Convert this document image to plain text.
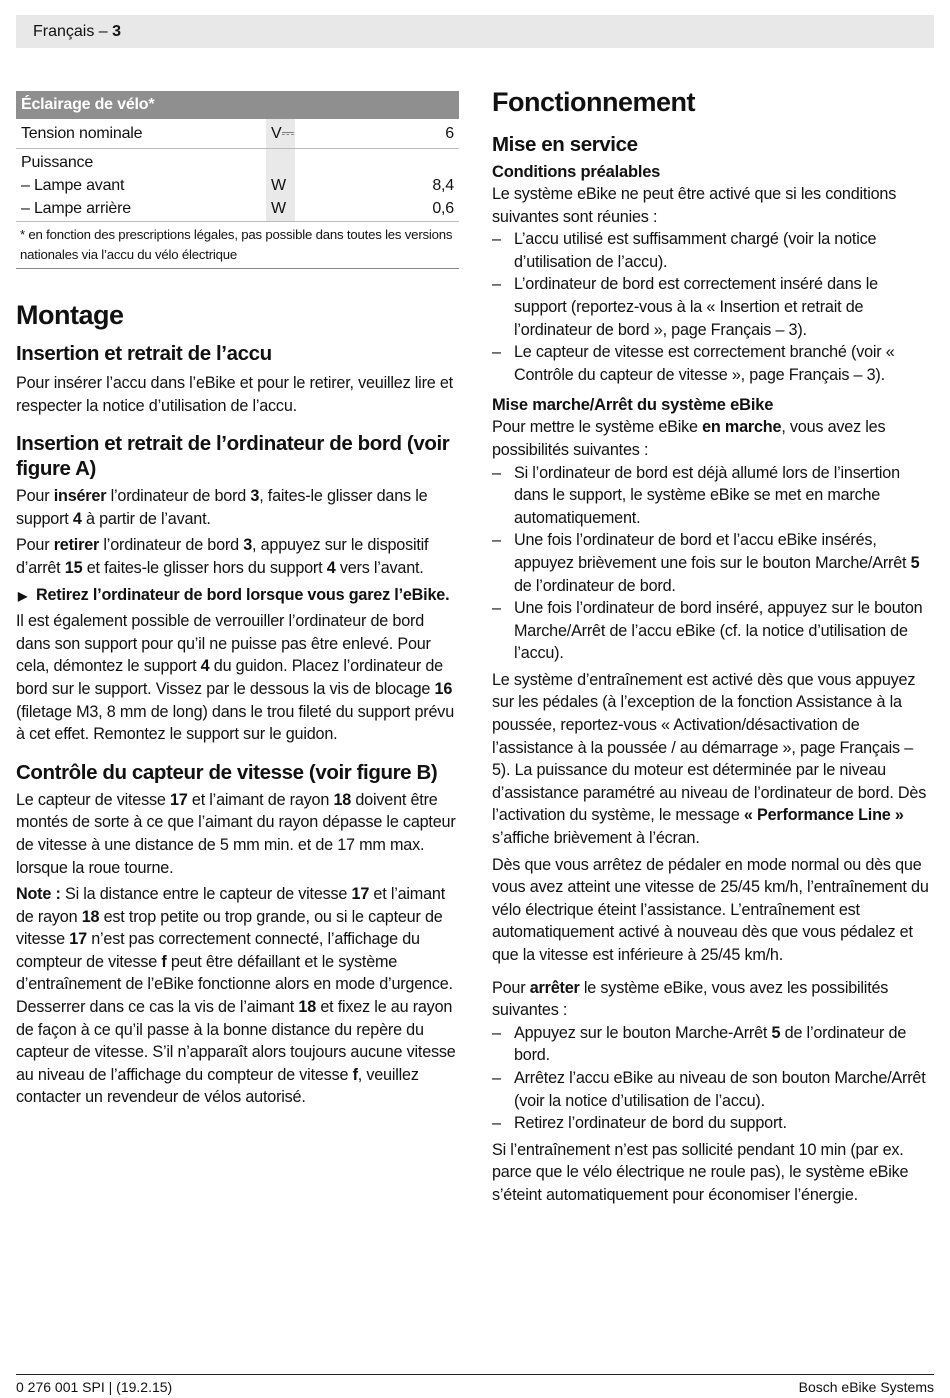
Français – 3
Éclairage de vélo*
Tension nominale	V⎓	6
Puissance
– Lampe avant	W	8,4
– Lampe arrière	W	0,6
* en fonction des prescriptions légales, pas possible dans toutes les versions nationales via l’accu du vélo électrique
Montage
Insertion et retrait de l’accu

Pour insérer l’accu dans l’eBike et pour le retirer, veuillez lire et respecter la notice d’utilisation de l’accu.

Insertion et retrait de l’ordinateur de bord (voir figure A)

Pour insérer l’ordinateur de bord 3, faites-le glisser dans le support 4 à partir de l’avant.

Pour retirer l’ordinateur de bord 3, appuyez sur le dispositif d’arrêt 15 et faites-le glisser hors du support 4 vers l’avant.

▶ Retirez l’ordinateur de bord lorsque vous garez l’eBike.

Il est également possible de verrouiller l’ordinateur de bord dans son support pour qu’il ne puisse pas être enlevé. Pour cela, démontez le support 4 du guidon. Placez l’ordinateur de bord sur le support. Vissez par le dessous la vis de blocage 16 (filetage M3, 8 mm de long) dans le trou fileté du support prévu à cet effet. Remontez le support sur le guidon.

Contrôle du capteur de vitesse (voir figure B)

Le capteur de vitesse 17 et l’aimant de rayon 18 doivent être montés de sorte à ce que l’aimant du rayon dépasse le capteur de vitesse à une distance de 5 mm min. et de 17 mm max. lorsque la roue tourne.

Note : Si la distance entre le capteur de vitesse 17 et l’aimant de rayon 18 est trop petite ou trop grande, ou si le capteur de vitesse 17 n’est pas correctement connecté, l’affichage du compteur de vitesse f peut être défaillant et le système d’entraînement de l’eBike fonctionne alors en mode d’urgence. Desserrer dans ce cas la vis de l’aimant 18 et fixez le au rayon de façon à ce qu’il passe à la bonne distance du repère du capteur de vitesse. S’il n’apparaît alors toujours aucune vitesse au niveau de l’affichage du compteur de vitesse f, veuillez contacter un revendeur de vélos autorisé.

Fonctionnement
Mise en service
Conditions préalables

Le système eBike ne peut être activé que si les conditions suivantes sont réunies :

– L’accu utilisé est suffisamment chargé (voir la notice d’utilisation de l’accu).
– L’ordinateur de bord est correctement inséré dans le support (reportez-vous à la « Insertion et retrait de l’ordinateur de bord », page Français – 3).
– Le capteur de vitesse est correctement branché (voir « Contrôle du capteur de vitesse », page Français – 3).
Mise marche/Arrêt du système eBike

Pour mettre le système eBike en marche, vous avez les possibilités suivantes :

– Si l’ordinateur de bord est déjà allumé lors de l’insertion dans le support, le système eBike se met en marche automatiquement.
– Une fois l’ordinateur de bord et l’accu eBike insérés, appuyez brièvement une fois sur le bouton Marche/Arrêt 5 de l’ordinateur de bord.
– Une fois l’ordinateur de bord inséré, appuyez sur le bouton Marche/Arrêt de l’accu eBike (cf. la notice d’utilisation de l’accu).

Le système d’entraînement est activé dès que vous appuyez sur les pédales (à l’exception de la fonction Assistance à la poussée, reportez-vous « Activation/désactivation de l’assistance à la poussée / au démarrage », page Français – 5). La puissance du moteur est déterminée par le niveau d’assistance paramétré au niveau de l’ordinateur de bord. Dès l’activation du système, le message « Performance Line » s’affiche brièvement à l’écran.

Dès que vous arrêtez de pédaler en mode normal ou dès que vous avez atteint une vitesse de 25/45 km/h, l’entraînement du vélo électrique éteint l’assistance. L’entraînement est automatiquement activé à nouveau dès que vous pédalez et que la vitesse est inférieure à 25/45 km/h.

Pour arrêter le système eBike, vous avez les possibilités suivantes :

– Appuyez sur le bouton Marche-Arrêt 5 de l’ordinateur de bord.
– Arrêtez l’accu eBike au niveau de son bouton Marche/Arrêt (voir la notice d’utilisation de l’accu).
– Retirez l’ordinateur de bord du support.

Si l’entraînement n’est pas sollicité pendant 10 min (par ex. parce que le vélo électrique ne roule pas), le système eBike s’éteint automatiquement pour économiser l’énergie.

0 276 001 SPI | (19.2.15)	Bosch eBike Systems
